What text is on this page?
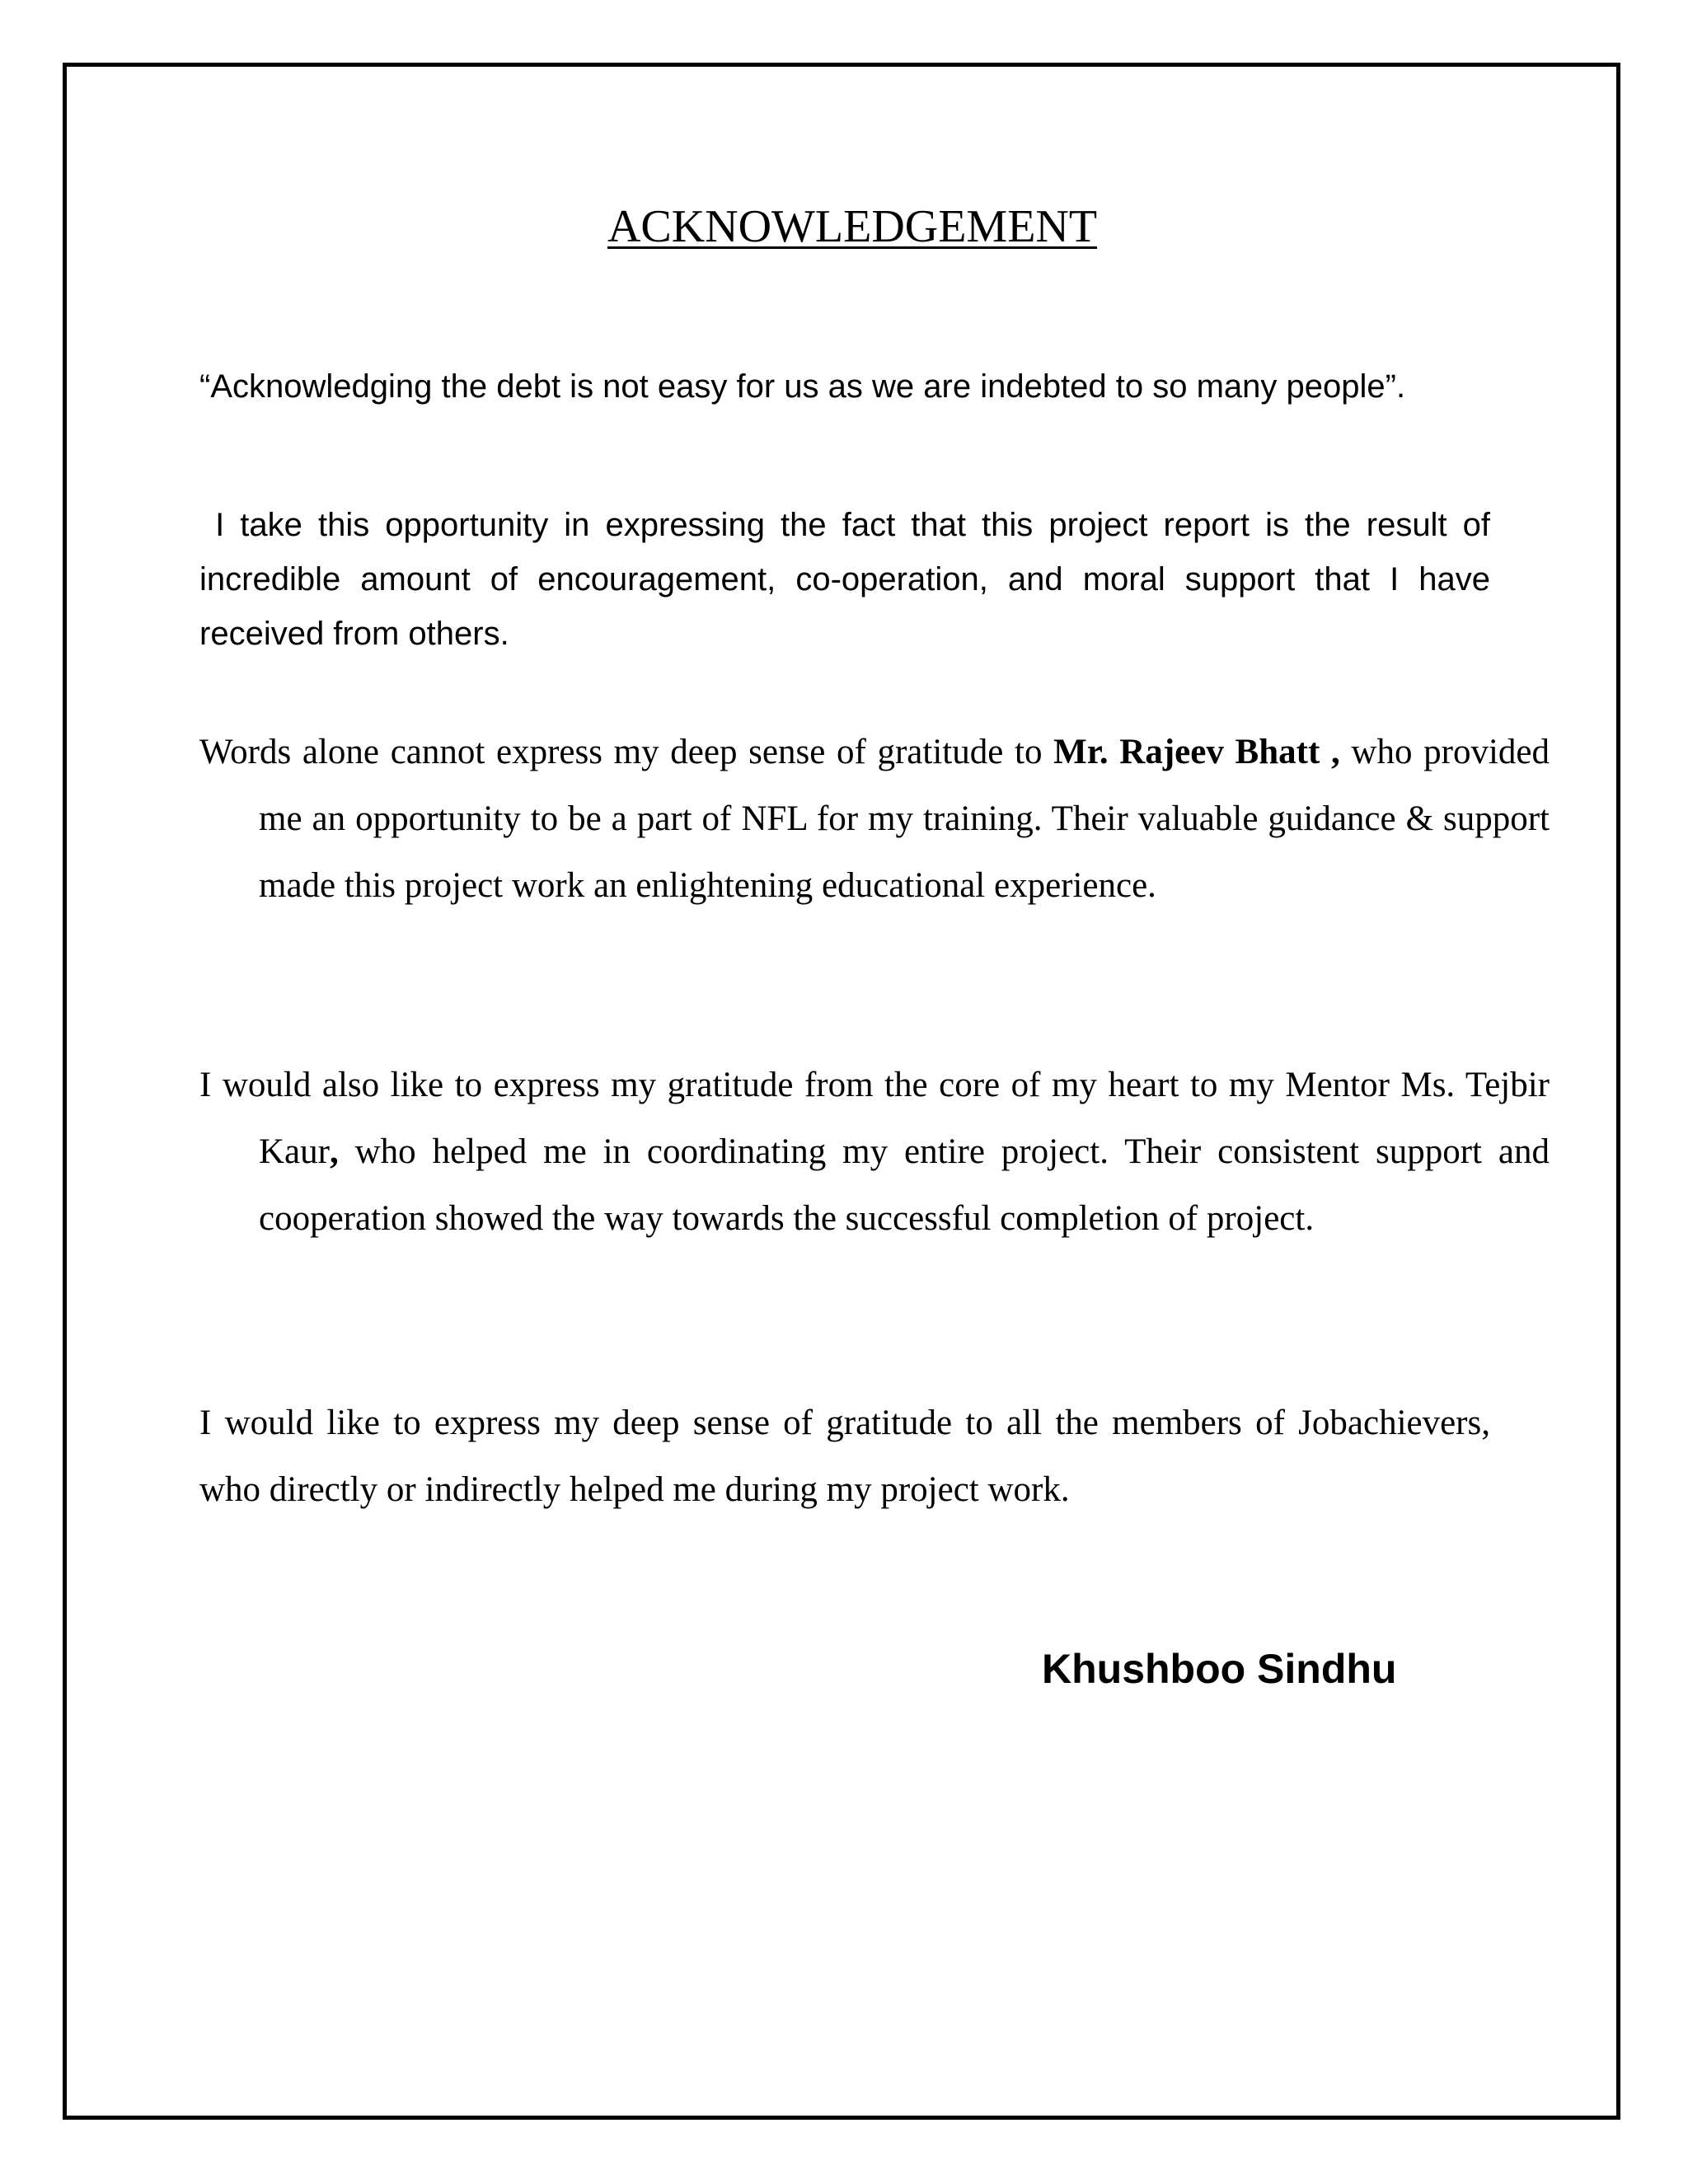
ACKNOWLEDGEMENT

“Acknowledging the debt is not easy for us as we are indebted to so many people”.

I take this opportunity in expressing the fact that this project report is the result of incredible amount of encouragement, co-operation, and moral support that I have received from others.

Words alone cannot express my deep sense of gratitude to Mr. Rajeev Bhatt , who provided me an opportunity to be a part of NFL for my training. Their valuable guidance & support made this project work an enlightening educational experience.

I would also like to express my gratitude from the core of my heart to my Mentor Ms. Tejbir Kaur, who helped me in coordinating my entire project. Their consistent support and cooperation showed the way towards the successful completion of project.

I would like to express my deep sense of gratitude to all the members of Jobachievers, who directly or indirectly helped me during my project work.

Khushboo Sindhu
